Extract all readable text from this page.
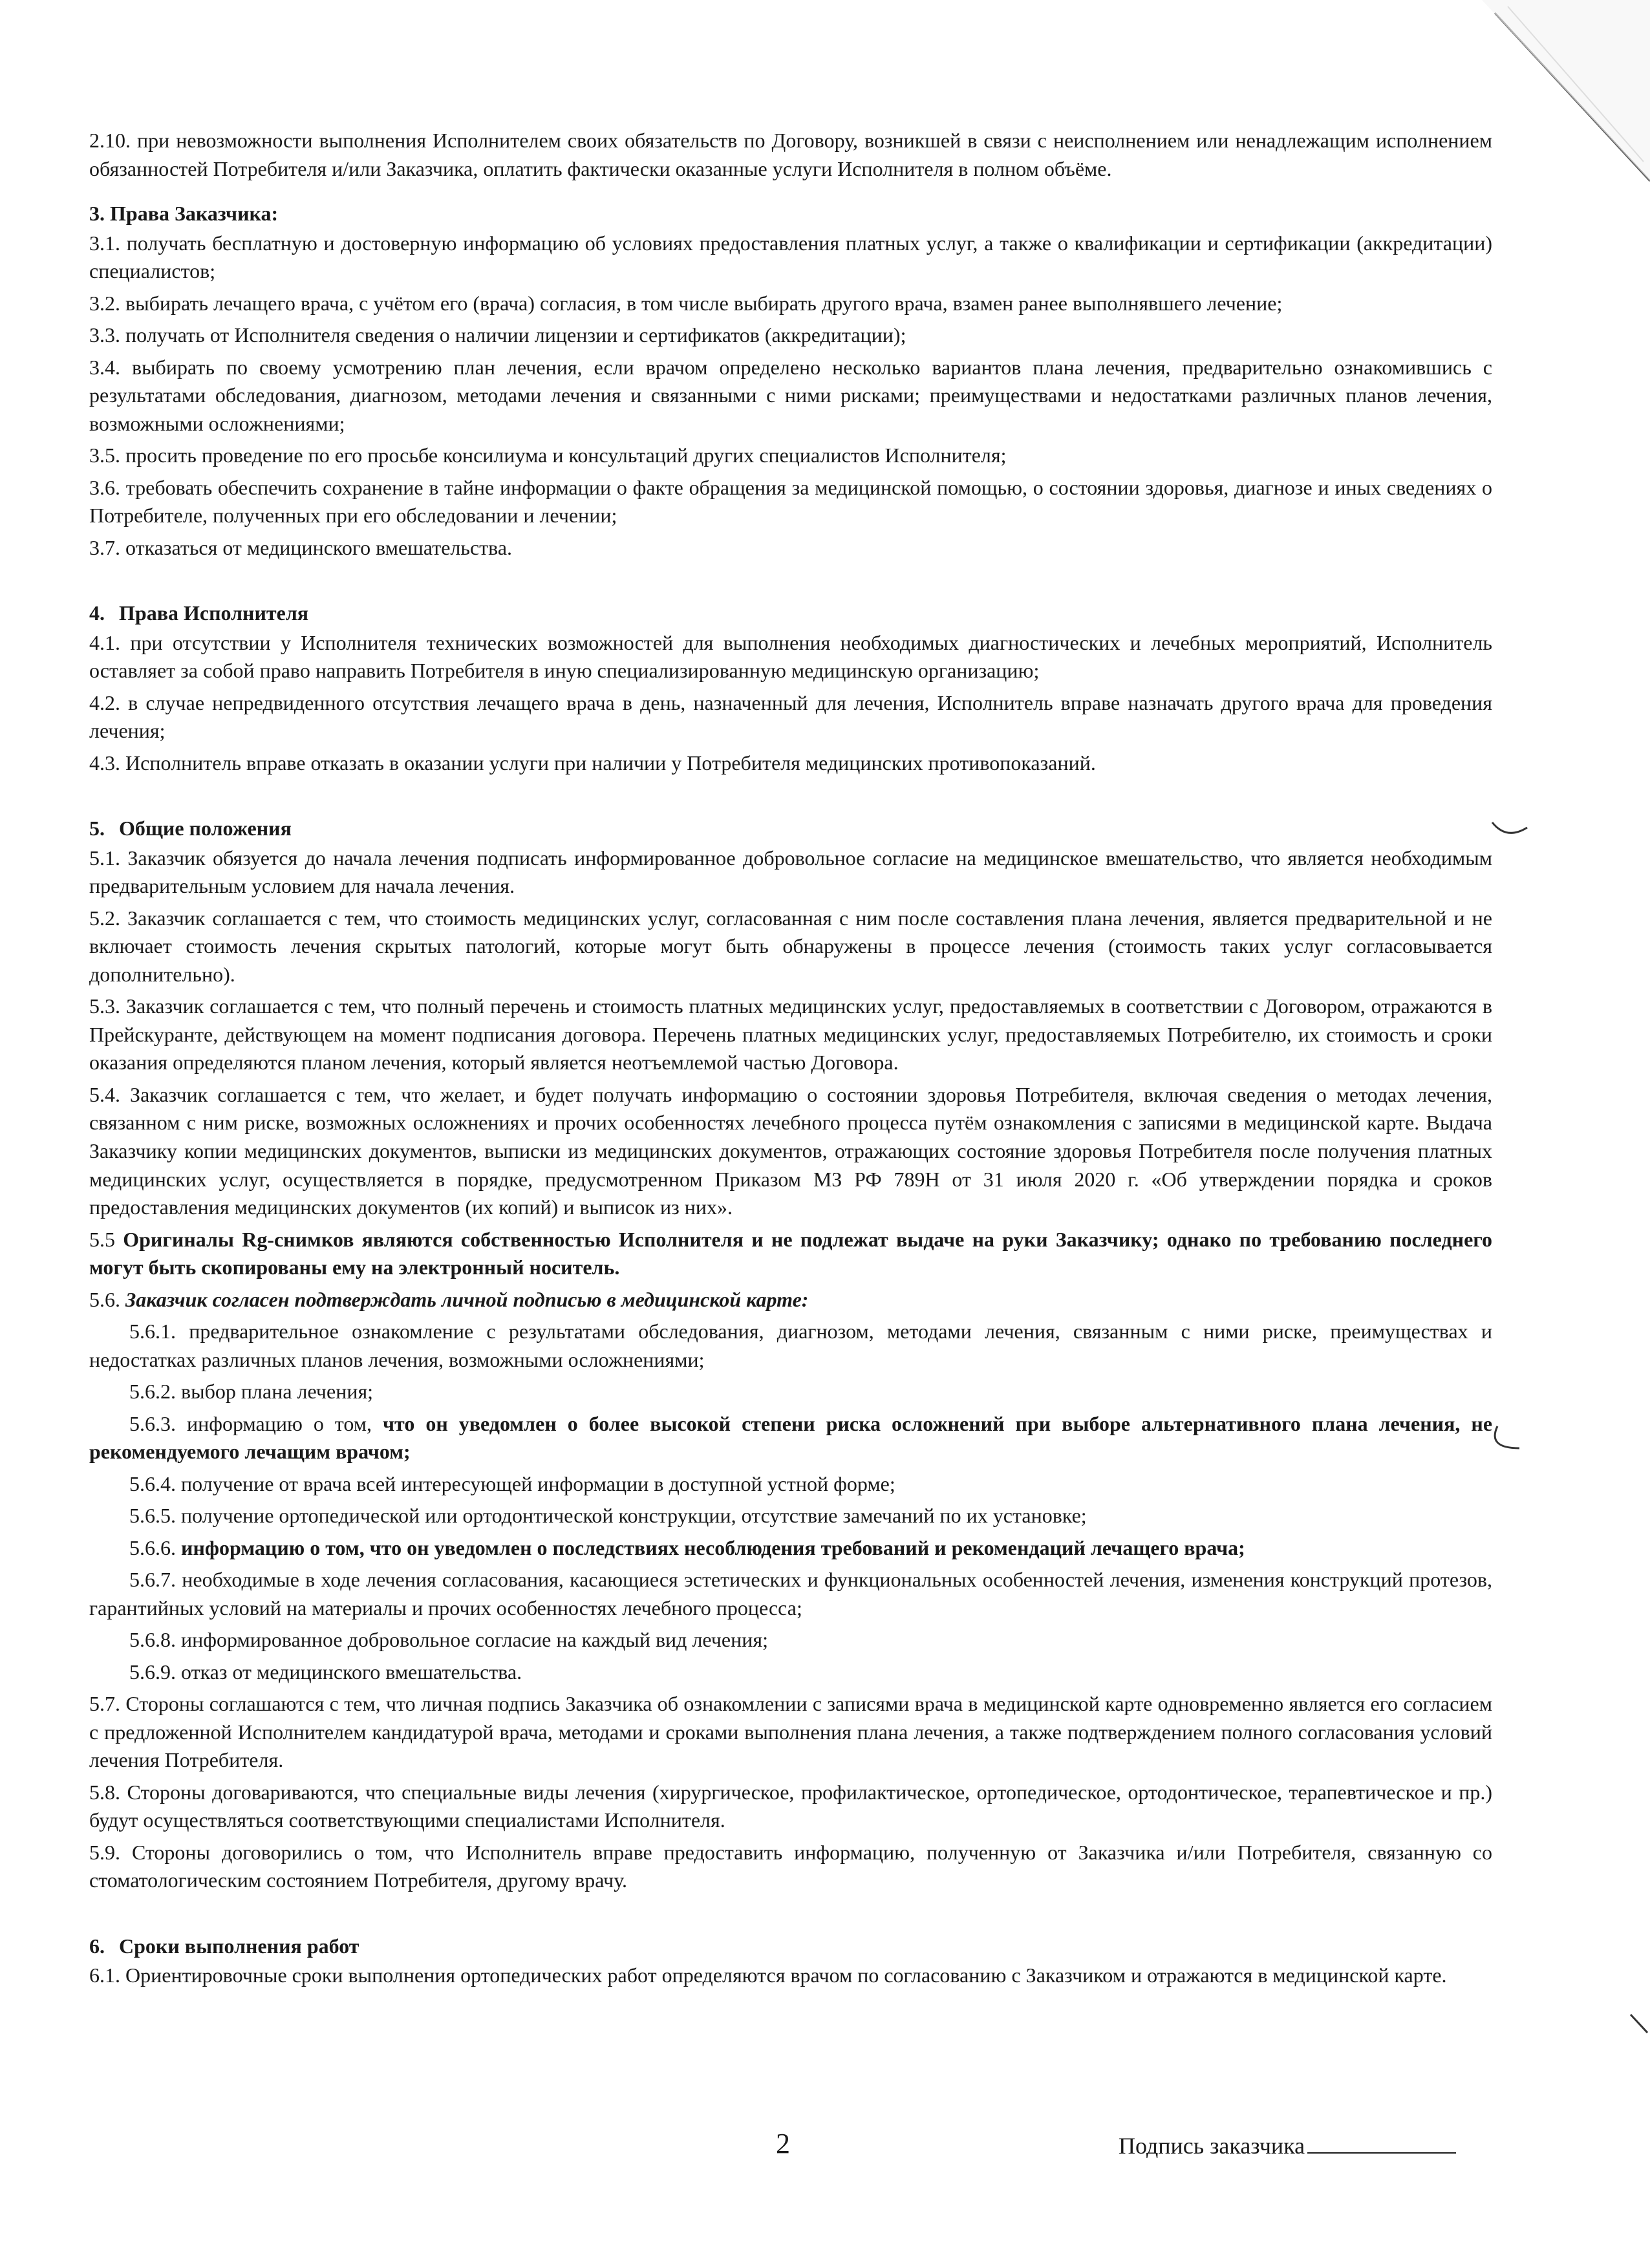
2.10. при невозможности выполнения Исполнителем своих обязательств по Договору, возникшей в связи с неисполнением или ненадлежащим исполнением обязанностей Потребителя и/или Заказчика, оплатить фактически оказанные услуги Исполнителя в полном объёме.

3. Права Заказчика:

3.1. получать бесплатную и достоверную информацию об условиях предоставления платных услуг, а также о квалификации и сертификации (аккредитации) специалистов;

3.2. выбирать лечащего врача, с учётом его (врача) согласия, в том числе выбирать другого врача, взамен ранее выполнявшего лечение;

3.3. получать от Исполнителя сведения о наличии лицензии и сертификатов (аккредитации);

3.4. выбирать по своему усмотрению план лечения, если врачом определено несколько вариантов плана лечения, предварительно ознакомившись с результатами обследования, диагнозом, методами лечения и связанными с ними рисками; преимуществами и недостатками различных планов лечения, возможными осложнениями;

3.5. просить проведение по его просьбе консилиума и консультаций других специалистов Исполнителя;

3.6. требовать обеспечить сохранение в тайне информации о факте обращения за медицинской помощью, о состоянии здоровья, диагнозе и иных сведениях о Потребителе, полученных при его обследовании и лечении;

3.7. отказаться от медицинского вмешательства.

4. Права Исполнителя

4.1. при отсутствии у Исполнителя технических возможностей для выполнения необходимых диагностических и лечебных мероприятий, Исполнитель оставляет за собой право направить Потребителя в иную специализированную медицинскую организацию;

4.2. в случае непредвиденного отсутствия лечащего врача в день, назначенный для лечения, Исполнитель вправе назначать другого врача для проведения лечения;

4.3. Исполнитель вправе отказать в оказании услуги при наличии у Потребителя медицинских противопоказаний.

5. Общие положения

5.1. Заказчик обязуется до начала лечения подписать информированное добровольное согласие на медицинское вмешательство, что является необходимым предварительным условием для начала лечения.

5.2. Заказчик соглашается с тем, что стоимость медицинских услуг, согласованная с ним после составления плана лечения, является предварительной и не включает стоимость лечения скрытых патологий, которые могут быть обнаружены в процессе лечения (стоимость таких услуг согласовывается дополнительно).

5.3. Заказчик соглашается с тем, что полный перечень и стоимость платных медицинских услуг, предоставляемых в соответствии с Договором, отражаются в Прейскуранте, действующем на момент подписания договора. Перечень платных медицинских услуг, предоставляемых Потребителю, их стоимость и сроки оказания определяются планом лечения, который является неотъемлемой частью Договора.

5.4. Заказчик соглашается с тем, что желает, и будет получать информацию о состоянии здоровья Потребителя, включая сведения о методах лечения, связанном с ним риске, возможных осложнениях и прочих особенностях лечебного процесса путём ознакомления с записями в медицинской карте. Выдача Заказчику копии медицинских документов, выписки из медицинских документов, отражающих состояние здоровья Потребителя после получения платных медицинских услуг, осуществляется в порядке, предусмотренном Приказом МЗ РФ 789Н от 31 июля 2020 г. «Об утверждении порядка и сроков предоставления медицинских документов (их копий) и выписок из них».

5.5 Оригиналы Rg-снимков являются собственностью Исполнителя и не подлежат выдаче на руки Заказчику; однако по требованию последнего могут быть скопированы ему на электронный носитель.

5.6. Заказчик согласен подтверждать личной подписью в медицинской карте:

5.6.1. предварительное ознакомление с результатами обследования, диагнозом, методами лечения, связанным с ними риске, преимуществах и недостатках различных планов лечения, возможными осложнениями;

5.6.2. выбор плана лечения;

5.6.3. информацию о том, что он уведомлен о более высокой степени риска осложнений при выборе альтернативного плана лечения, не рекомендуемого лечащим врачом;

5.6.4. получение от врача всей интересующей информации в доступной устной форме;

5.6.5. получение ортопедической или ортодонтической конструкции, отсутствие замечаний по их установке;

5.6.6. информацию о том, что он уведомлен о последствиях несоблюдения требований и рекомендаций лечащего врача;

5.6.7. необходимые в ходе лечения согласования, касающиеся эстетических и функциональных особенностей лечения, изменения конструкций протезов, гарантийных условий на материалы и прочих особенностях лечебного процесса;

5.6.8. информированное добровольное согласие на каждый вид лечения;

5.6.9. отказ от медицинского вмешательства.

5.7. Стороны соглашаются с тем, что личная подпись Заказчика об ознакомлении с записями врача в медицинской карте одновременно является его согласием с предложенной Исполнителем кандидатурой врача, методами и сроками выполнения плана лечения, а также подтверждением полного согласования условий лечения Потребителя.

5.8. Стороны договариваются, что специальные виды лечения (хирургическое, профилактическое, ортопедическое, ортодонтическое, терапевтическое и пр.) будут осуществляться соответствующими специалистами Исполнителя.

5.9. Стороны договорились о том, что Исполнитель вправе предоставить информацию, полученную от Заказчика и/или Потребителя, связанную со стоматологическим состоянием Потребителя, другому врачу.

6. Сроки выполнения работ

6.1. Ориентировочные сроки выполнения ортопедических работ определяются врачом по согласованию с Заказчиком и отражаются в медицинской карте.

2	Подпись заказчика
